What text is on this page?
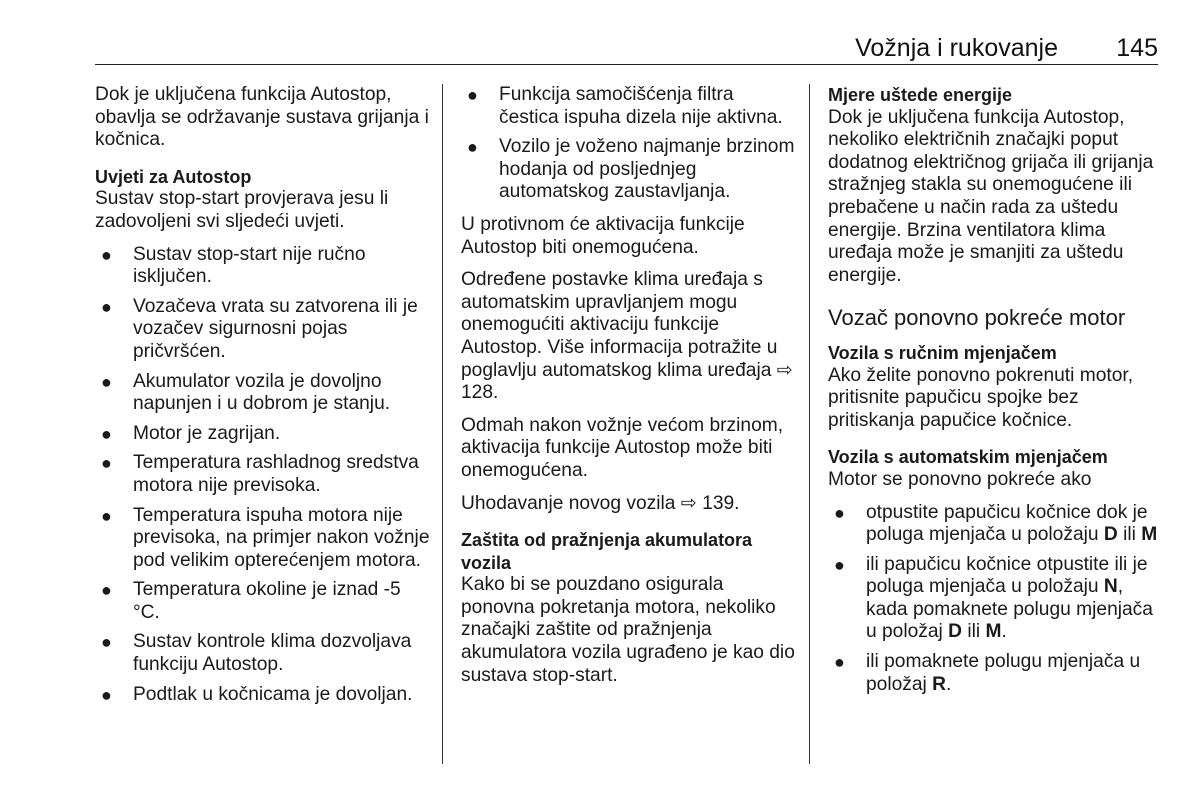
Vožnja i rukovanje 145

Dok je uključena funkcija Autostop, obavlja se održavanje sustava grijanja i kočnica.

Uvjeti za Autostop

Sustav stop-start provjerava jesu li zadovoljeni svi sljedeći uvjeti.

● Sustav stop-start nije ručno isključen.
● Vozačeva vrata su zatvorena ili je vozačev sigurnosni pojas pričvršćen.
● Akumulator vozila je dovoljno napunjen i u dobrom je stanju.
● Motor je zagrijan.
● Temperatura rashladnog sredstva motora nije previsoka.
● Temperatura ispuha motora nije previsoka, na primjer nakon vožnje pod velikim opterećenjem motora.
● Temperatura okoline je iznad -5 °C.
● Sustav kontrole klima dozvoljava funkciju Autostop.
● Podtlak u kočnicama je dovoljan.
● Funkcija samočišćenja filtra čestica ispuha dizela nije aktivna.
● Vozilo je voženo najmanje brzinom hodanja od posljednjeg automatskog zaustavljanja.

U protivnom će aktivacija funkcije Autostop biti onemogućena.

Određene postavke klima uređaja s automatskim upravljanjem mogu onemogućiti aktivaciju funkcije Autostop. Više informacija potražite u poglavlju automatskog klima uređaja ⇨ 128.

Odmah nakon vožnje većom brzinom, aktivacija funkcije Autostop može biti onemogućena.

Uhodavanje novog vozila ⇨ 139.

Zaštita od pražnjenja akumulatora vozila

Kako bi se pouzdano osigurala ponovna pokretanja motora, nekoliko značajki zaštite od pražnjenja akumulatora vozila ugrađeno je kao dio sustava stop-start.

Mjere uštede energije

Dok je uključena funkcija Autostop, nekoliko električnih značajki poput dodatnog električnog grijača ili grijanja stražnjeg stakla su onemogućene ili prebačene u način rada za uštedu energije. Brzina ventilatora klima uređaja može je smanjiti za uštedu energije.

Vozač ponovno pokreće motor

Vozila s ručnim mjenjačem

Ako želite ponovno pokrenuti motor, pritisnite papučicu spojke bez pritiskanja papučice kočnice.

Vozila s automatskim mjenjačem

Motor se ponovno pokreće ako

● otpustite papučicu kočnice dok je poluga mjenjača u položaju D ili M
● ili papučicu kočnice otpustite ili je poluga mjenjača u položaju N, kada pomaknete polugu mjenjača u položaj D ili M.
● ili pomaknete polugu mjenjača u položaj R.
